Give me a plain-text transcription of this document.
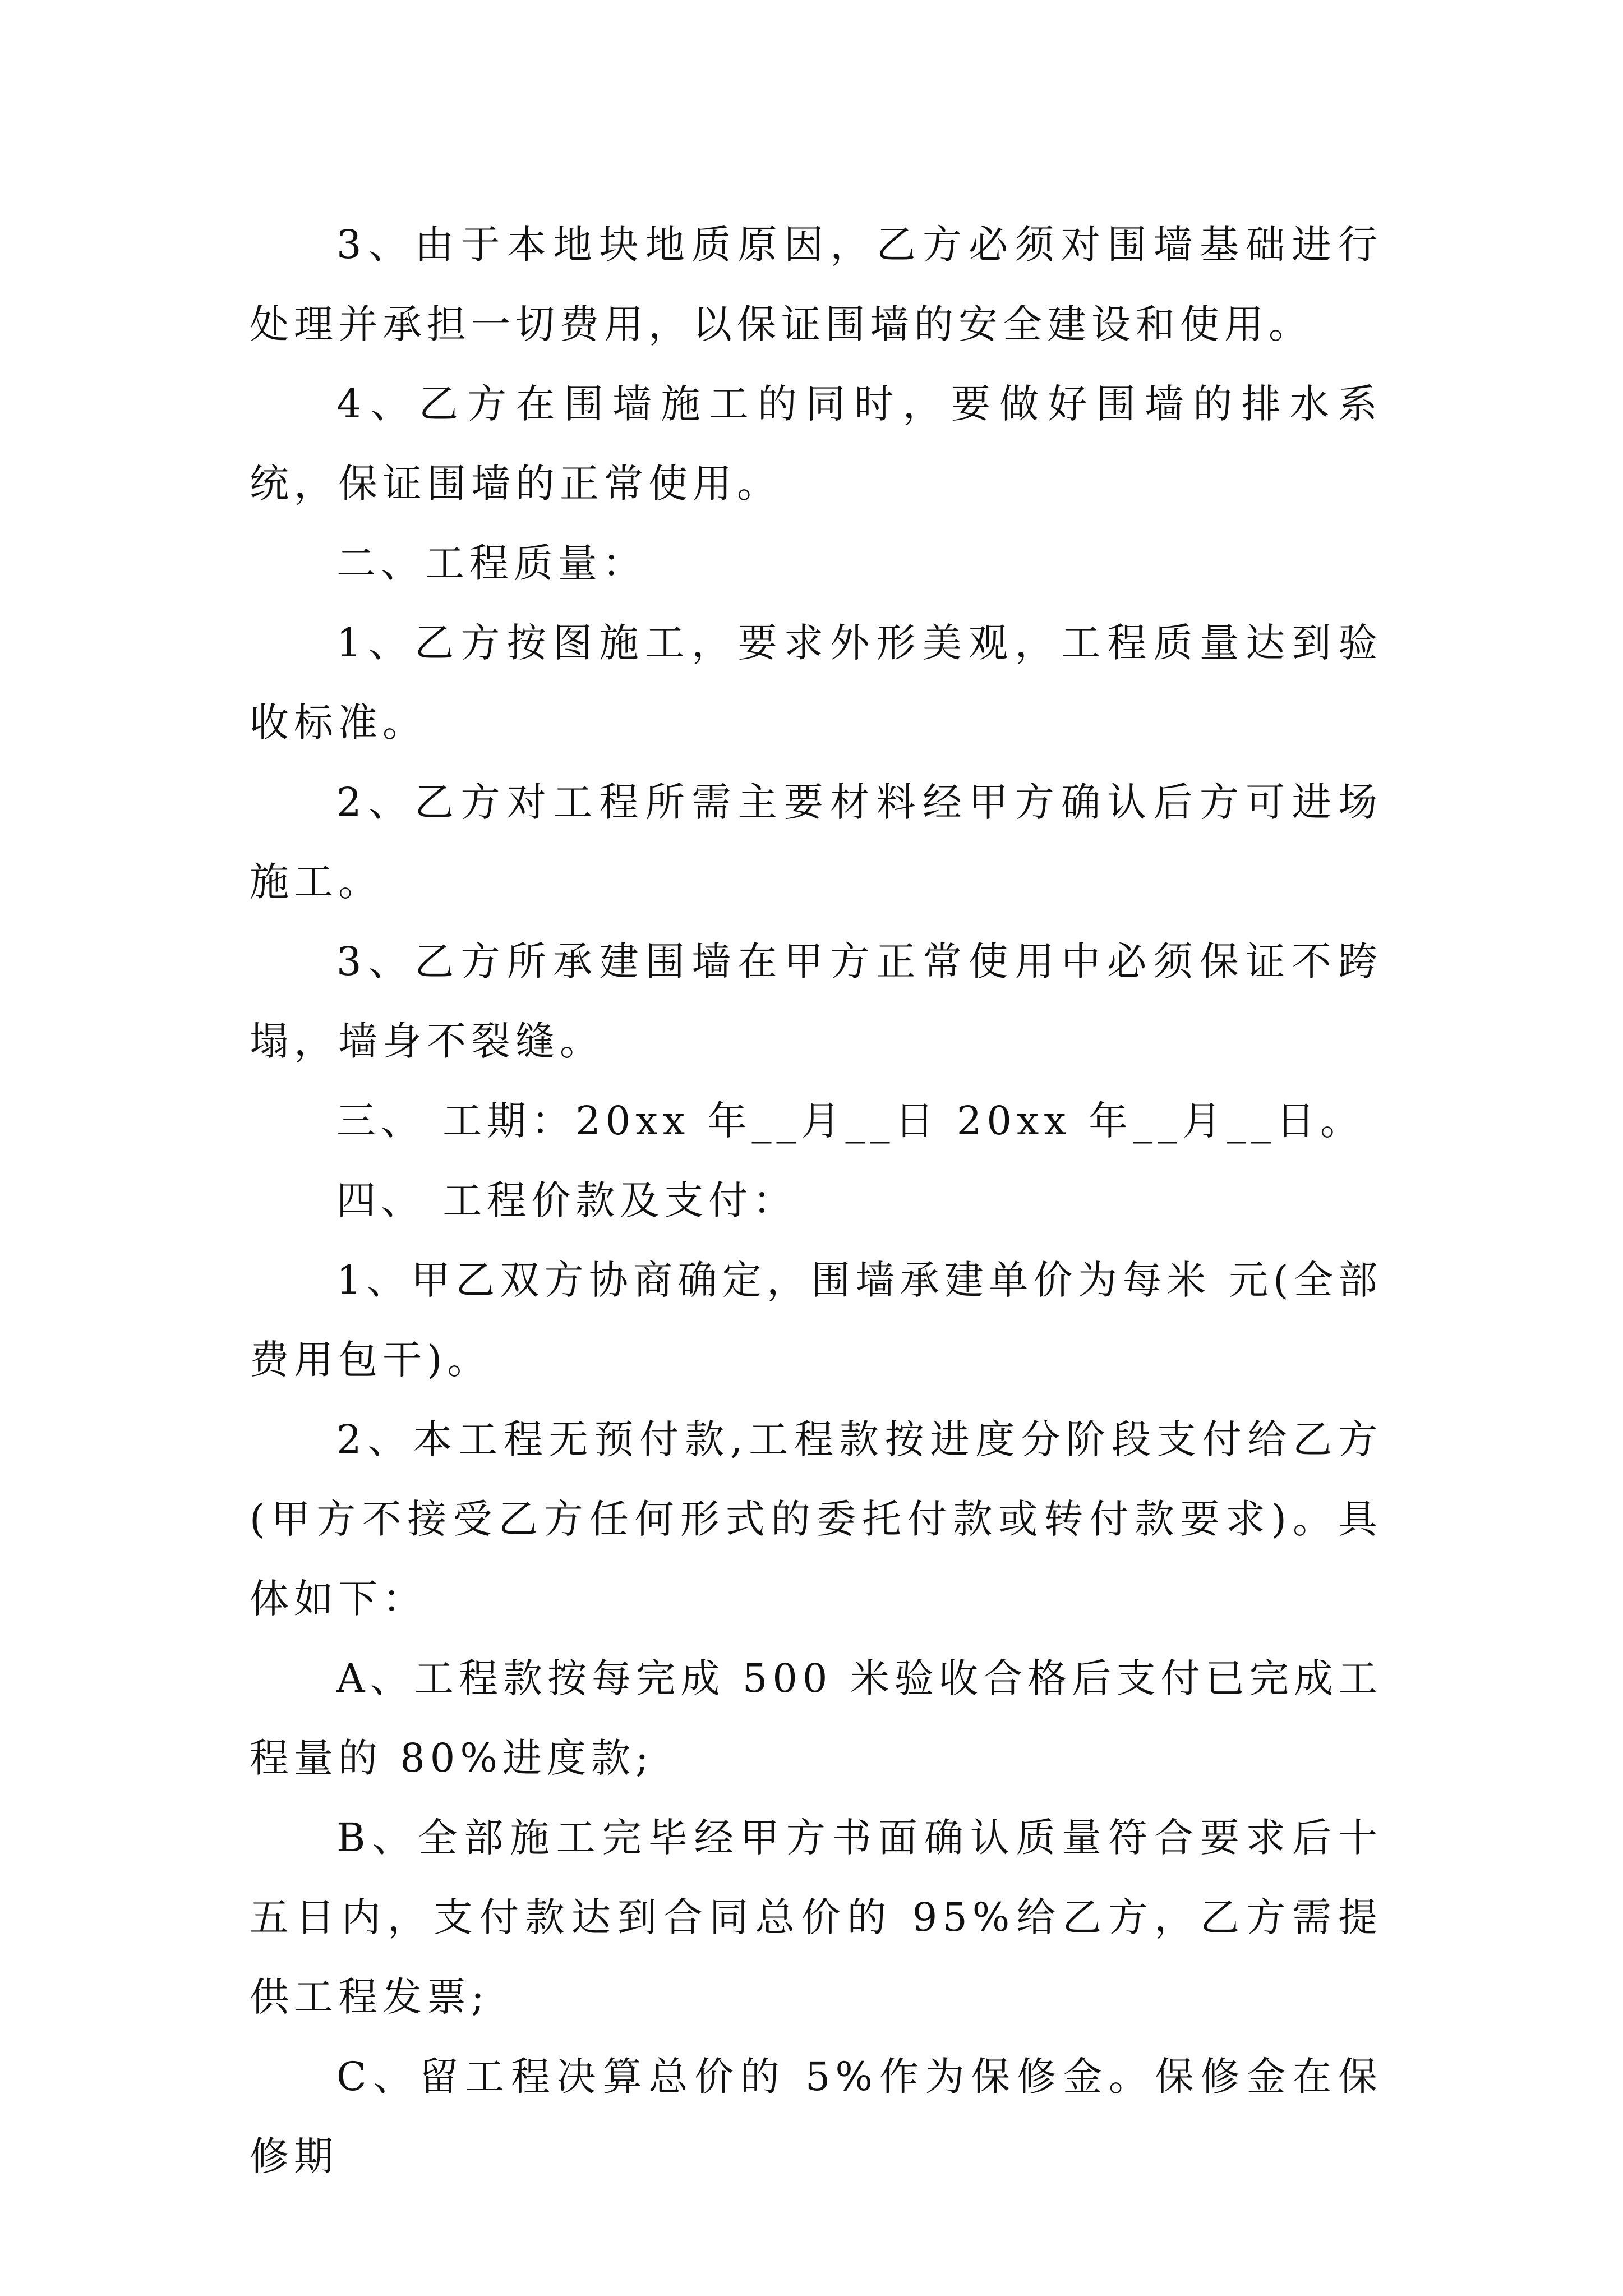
3、由于本地块地质原因，乙方必须对围墙基础进行处理并承担一切费用，以保证围墙的安全建设和使用。

4、乙方在围墙施工的同时，要做好围墙的排水系统，保证围墙的正常使用。

二、工程质量：

1、乙方按图施工，要求外形美观，工程质量达到验收标准。

2、乙方对工程所需主要材料经甲方确认后方可进场施工。

3、乙方所承建围墙在甲方正常使用中必须保证不跨塌，墙身不裂缝。

三、 工期：20xx 年__月__日 20xx 年__月__日。

四、 工程价款及支付：

1、甲乙双方协商确定，围墙承建单价为每米 元(全部费用包干)。

2、本工程无预付款,工程款按进度分阶段支付给乙方(甲方不接受乙方任何形式的委托付款或转付款要求)。具体如下：

A、工程款按每完成 500 米验收合格后支付已完成工程量的 80%进度款;

B、全部施工完毕经甲方书面确认质量符合要求后十五日内，支付款达到合同总价的 95%给乙方，乙方需提供工程发票;

C、留工程决算总价的 5%作为保修金。保修金在保修期
